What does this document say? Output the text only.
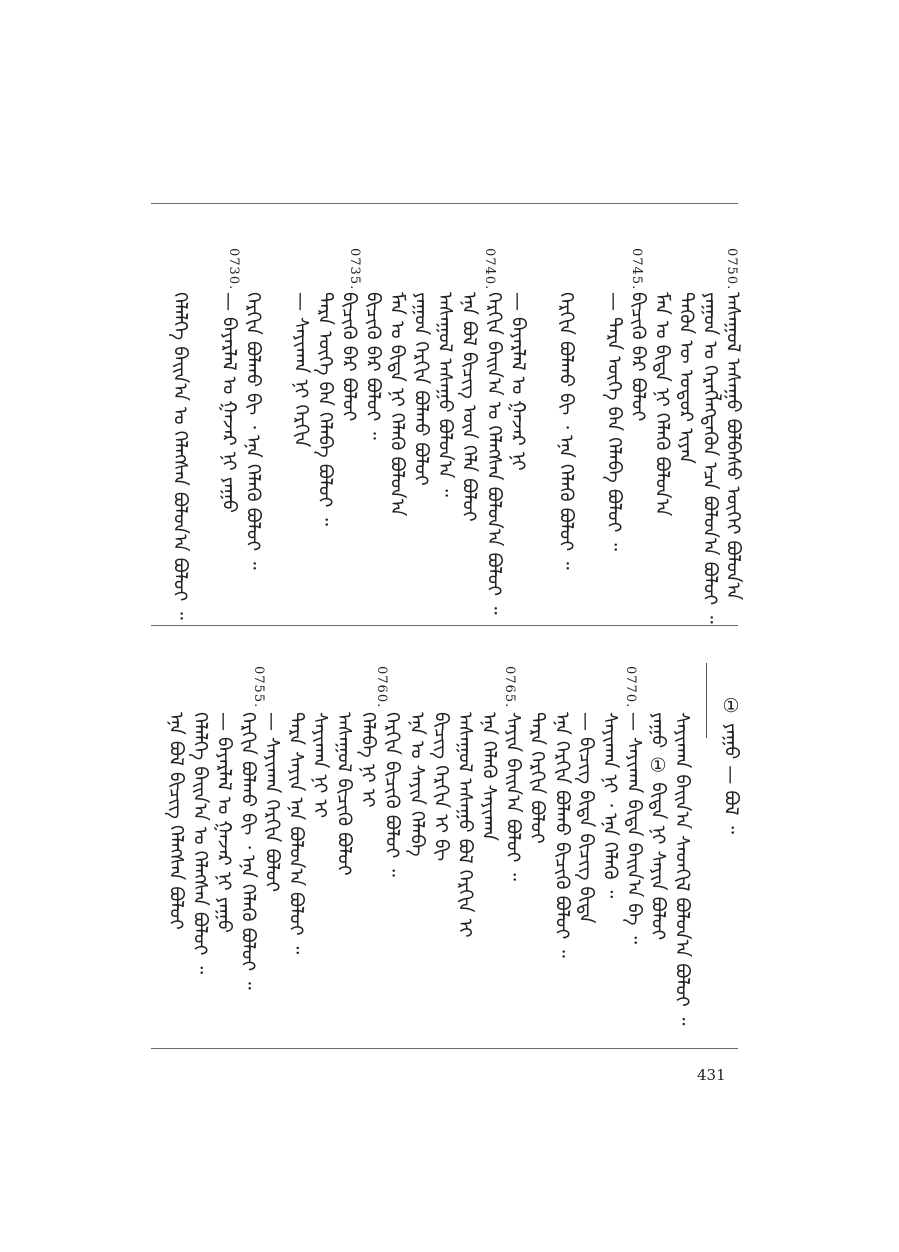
0750.
0745.
0740.
0735.
0730.
0770.
0765.
0760.
0755.
ᠠᠰᠠᠭᠤᠯ ᠠᠰᠠᠭᠤ ᠪᠣᠯᠪᠠᠰᠤ ᠦᠭᠡᠢ ᠪᠣᠯᠤᠨ᠎ᠠ
ᠶᠠᠭᠤᠨ ᠤ ᠬᠡᠷᠡᠭᠯᠡᠭᠳᠡᠬᠦᠨ ᠡᠴᠡ ᠪᠣᠯᠤᠨ᠎ᠠ ᠪᠣᠯᠤᠢ ᠃
ᠲᠡᠭᠦᠨ ᠦ ᠤᠳᠤᠷ ᠢᠶᠡᠨ
ᠮᠠᠨ ᠤ ᠪᠢᠳᠡ ᠨᠢ ᠬᠡᠯᠡᠬᠦ ᠪᠣᠯᠤᠨ᠎ᠠ
ᠪᠢᠴᠢᠬᠦ ᠪᠡᠷ ᠪᠣᠯᠤᠢ
— ᠲᠡᠷᠡ ᠦᠭᠡ ᠪᠠᠨ ᠬᠡᠯᠡᠪᠡ ᠪᠣᠯᠤᠢ ᠃
ᠬᠡᠷᠬᠢᠨ ᠪᠣᠯᠬᠤ ᠪᠢ ᠂ ᠡᠨᠡ ᠬᠡᠯᠡᠬᠦ ᠪᠣᠯᠤᠢ ᠃
— ᠪᠠᠶᠠᠷᠯᠠᠯ ᠤ ᠭᠠᠵᠠᠷ ᠨᠢ
ᠬᠡᠷᠬᠢᠨ ᠪᠠᠢᠨ᠎ᠠ ᠤ ᠬᠡᠯᠡᠭᠰᠡᠨ ᠪᠣᠯᠤᠨ᠎ᠠ ᠪᠣᠯᠤᠢ ᠃
ᠡᠨᠡ ᠪᠣᠯ ᠪᠢᠴᠢᠭ᠌ ᠦᠨ ᠬᠡᠯᠡ ᠪᠣᠯᠤᠢ
ᠠᠰᠠᠭᠤᠯ ᠠᠰᠠᠭᠤ ᠪᠣᠯᠤᠨ᠎ᠠ ᠃
ᠶᠠᠭᠤᠨ ᠬᠡᠷᠬᠢᠨ ᠪᠣᠯᠬᠤ ᠪᠣᠯᠤᠢ
ᠮᠠᠨ ᠤ ᠪᠢᠳᠡ ᠨᠢ ᠬᠡᠯᠡᠬᠦ ᠪᠣᠯᠤᠨ᠎ᠠ
ᠪᠢᠴᠢᠬᠦ ᠪᠡᠷ ᠪᠣᠯᠤᠢ ᠃
ᠪᠢᠴᠢᠬᠦ ᠪᠡᠷ ᠪᠣᠯᠤᠢ
ᠲᠡᠷᠡ ᠦᠭᠡ ᠪᠠᠨ ᠬᠡᠯᠡᠪᠡ ᠪᠣᠯᠤᠢ ᠃
— ᠰᠠᠶᠢᠬᠠᠨ ᠨᠢ ᠬᠡᠷᠬᠢᠨ
ᠬᠡᠷᠬᠢᠨ ᠪᠣᠯᠬᠤ ᠪᠢ ᠂ ᠡᠨᠡ ᠬᠡᠯᠡᠬᠦ ᠪᠣᠯᠤᠢ ᠃
— ᠪᠠᠶᠠᠷᠯᠠᠯ ᠤ ᠭᠠᠵᠠᠷ ᠨᠢ ᠶᠠᠭᠤ
ᠬᠡᠯᠡᠯᠭᠡ ᠪᠠᠢᠨ᠎ᠠ ᠤ ᠬᠡᠯᠡᠭᠰᠡᠨ ᠪᠣᠯᠤᠨ᠎ᠠ ᠪᠣᠯᠤᠢ ᠃
① ᠶᠠᠭᠤ — ᠪᠣᠯ ᠃
ᠰᠠᠶᠢᠬᠠᠨ ᠪᠠᠢᠨ᠎ᠠ ᠰᠡᠳᠬᠢᠯ ᠪᠣᠯᠤᠨ᠎ᠠ ᠪᠣᠯᠤᠢ ᠃
ᠶᠠᠭᠤ ① ᠪᠢᠳᠡ ᠨᠢ ᠰᠠᠶᠢᠨ ᠪᠣᠯᠤᠢ
— ᠰᠠᠶᠢᠬᠠᠨ ᠪᠢᠳᠡ ᠪᠠᠢᠨ᠎ᠠ ᠪᠠ ᠃
ᠰᠠᠶᠢᠬᠠᠨ ᠨᠢ ᠂ ᠡᠨᠡ ᠬᠡᠯᠡᠬᠦ ᠃
— ᠪᠢᠴᠢᠭ ᠪᠢᠳᠡ ᠪᠢᠴᠢᠭ ᠪᠢᠳᠡ
ᠡᠨᠡ ᠬᠡᠷᠬᠢᠨ ᠪᠣᠯᠬᠤ ᠪᠢᠴᠢᠬᠦ ᠪᠣᠯᠤᠢ ᠃
ᠲᠡᠷᠡ ᠬᠡᠷᠬᠢᠨ ᠪᠣᠯᠤᠢ
ᠰᠠᠶᠢᠨ ᠪᠠᠢᠨ᠎ᠠ ᠪᠣᠯᠤᠢ ᠃
ᠡᠨᠡ ᠬᠡᠯᠡᠬᠦ ᠰᠠᠶᠢᠬᠠᠨ
ᠠᠰᠠᠭᠤᠯ ᠠᠰᠠᠭᠤ ᠪᠣᠯ ᠬᠡᠷᠬᠢᠨ ᠢ
ᠪᠢᠴᠢᠭ ᠬᠡᠷᠬᠢᠨ ᠢ ᠪᠢ
ᠡᠨᠡ ᠤ ᠰᠠᠶᠢᠨ ᠬᠡᠯᠡᠪᠡ
ᠬᠡᠷᠬᠢᠨ ᠪᠢᠴᠢᠬᠦ ᠪᠣᠯᠤᠢ ᠃
ᠬᠡᠯᠡᠪᠡ ᠨᠢ ᠢ
ᠠᠰᠠᠭᠤᠯ ᠪᠢᠴᠢᠬᠦ ᠪᠣᠯᠤᠢ
ᠰᠠᠶᠢᠬᠠᠨ ᠨᠢ ᠢ
ᠲᠡᠷᠡ ᠰᠠᠶᠢᠨ ᠡᠨᠡ ᠪᠣᠯᠤᠨ᠎ᠠ ᠪᠣᠯᠤᠢ ᠃
— ᠰᠠᠶᠢᠬᠠᠨ ᠬᠡᠷᠬᠢᠨ ᠪᠣᠯᠤᠢ
ᠬᠡᠷᠬᠢᠨ ᠪᠣᠯᠬᠤ ᠪᠢ ᠂ ᠡᠨᠡ ᠬᠡᠯᠡᠬᠦ ᠪᠣᠯᠤᠢ ᠃
— ᠪᠠᠶᠠᠷᠯᠠᠯ ᠤ ᠭᠠᠵᠠᠷ ᠨᠢ ᠶᠠᠭᠤ
ᠬᠡᠯᠡᠯᠭᠡ ᠪᠠᠢᠨ᠎ᠠ ᠤ ᠬᠡᠯᠡᠭᠰᠡᠨ ᠪᠣᠯᠤᠢ ᠃
ᠡᠨᠡ ᠪᠣᠯ ᠪᠢᠴᠢᠭ ᠬᠡᠯᠡᠭᠰᠡᠨ ᠪᠣᠯᠤᠢ
431
